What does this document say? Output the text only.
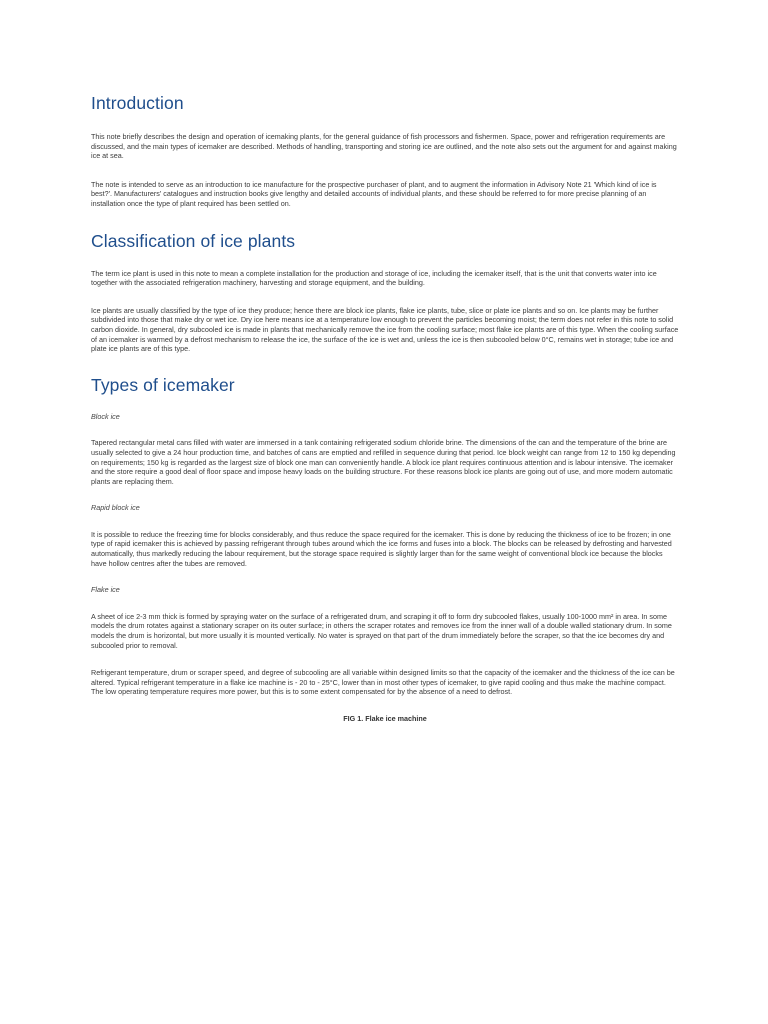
Introduction

This note briefly describes the design and operation of icemaking plants, for the general guidance of fish processors and fishermen. Space, power and refrigeration requirements are discussed, and the main types of icemaker are described. Methods of handling, transporting and storing ice are outlined, and the note also sets out the argument for and against making ice at sea.

The note is intended to serve as an introduction to ice manufacture for the prospective purchaser of plant, and to augment the information in Advisory Note 21 'Which kind of ice is best?'. Manufacturers' catalogues and instruction books give lengthy and detailed accounts of individual plants, and these should be referred to for more precise planning of an installation once the type of plant required has been settled on.

Classification of ice plants

The term ice plant is used in this note to mean a complete installation for the production and storage of ice, including the icemaker itself, that is the unit that converts water into ice together with the associated refrigeration machinery, harvesting and storage equipment, and the building.

Ice plants are usually classified by the type of ice they produce; hence there are block ice plants, flake ice plants, tube, slice or plate ice plants and so on. Ice plants may be further subdivided into those that make dry or wet ice. Dry ice here means ice at a temperature low enough to prevent the particles becoming moist; the term does not refer in this note to solid carbon dioxide. In general, dry subcooled ice is made in plants that mechanically remove the ice from the cooling surface; most flake ice plants are of this type. When the cooling surface of an icemaker is warmed by a defrost mechanism to release the ice, the surface of the ice is wet and, unless the ice is then subcooled below 0°C, remains wet in storage; tube ice and plate ice plants are of this type.

Types of icemaker

Block ice

Tapered rectangular metal cans filled with water are immersed in a tank containing refrigerated sodium chloride brine. The dimensions of the can and the temperature of the brine are usually selected to give a 24 hour production time, and batches of cans are emptied and refilled in sequence during that period. Ice block weight can range from 12 to 150 kg depending on requirements; 150 kg is regarded as the largest size of block one man can conveniently handle. A block ice plant requires continuous attention and is labour intensive. The icemaker and the store require a good deal of floor space and impose heavy loads on the building structure. For these reasons block ice plants are going out of use, and more modern automatic plants are replacing them.

Rapid block ice

It is possible to reduce the freezing time for blocks considerably, and thus reduce the space required for the icemaker. This is done by reducing the thickness of ice to be frozen; in one type of rapid icemaker this is achieved by passing refrigerant through tubes around which the ice forms and fuses into a block. The blocks can be released by defrosting and harvested automatically, thus markedly reducing the labour requirement, but the storage space required is slightly larger than for the same weight of conventional block ice because the blocks have hollow centres after the tubes are removed.

Flake ice

A sheet of ice 2-3 mm thick is formed by spraying water on the surface of a refrigerated drum, and scraping it off to form dry subcooled flakes, usually 100-1000 mm² in area. In some models the drum rotates against a stationary scraper on its outer surface; in others the scraper rotates and removes ice from the inner wall of a double walled stationary drum. In some models the drum is horizontal, but more usually it is mounted vertically. No water is sprayed on that part of the drum immediately before the scraper, so that the ice becomes dry and subcooled prior to removal.

Refrigerant temperature, drum or scraper speed, and degree of subcooling are all variable within designed limits so that the capacity of the icemaker and the thickness of the ice can be altered. Typical refrigerant temperature in a flake ice machine is - 20 to - 25°C, lower than in most other types of icemaker, to give rapid cooling and thus make the machine compact. The low operating temperature requires more power, but this is to some extent compensated for by the absence of a need to defrost.

FIG 1. Flake ice machine
